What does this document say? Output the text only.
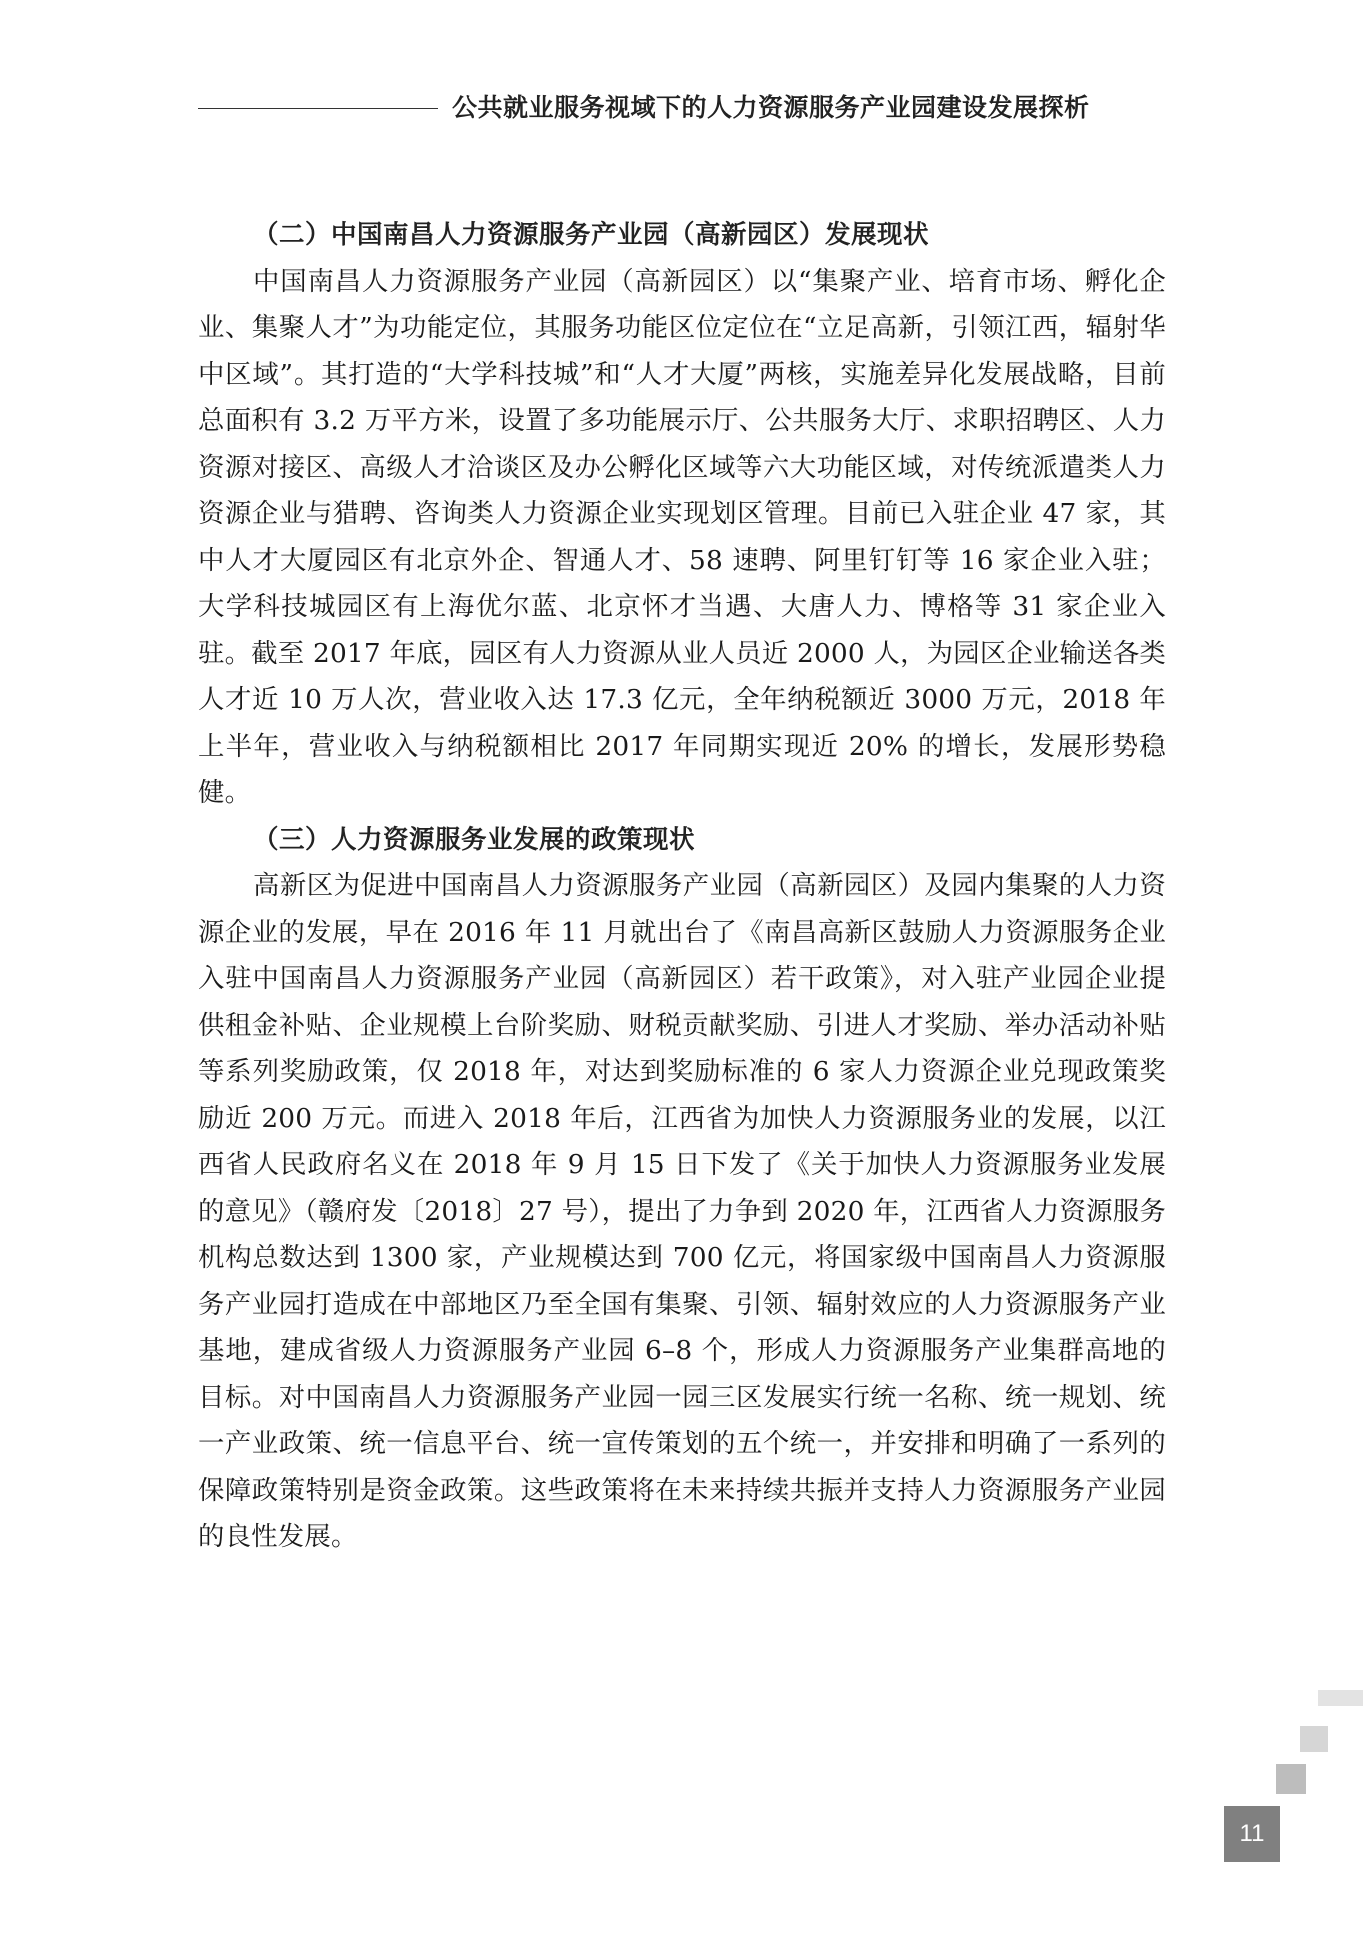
公共就业服务视域下的人力资源服务产业园建设发展探析
（二）中国南昌人力资源服务产业园（高新园区）发展现状

中国南昌人力资源服务产业园（高新园区）以“集聚产业、培育市场、孵化企业、集聚人才”为功能定位，其服务功能区位定位在“立足高新，引领江西，辐射华中区域”。其打造的“大学科技城”和“人才大厦”两核，实施差异化发展战略，目前总面积有 3.2 万平方米，设置了多功能展示厅、公共服务大厅、求职招聘区、人力资源对接区、高级人才洽谈区及办公孵化区域等六大功能区域，对传统派遣类人力资源企业与猎聘、咨询类人力资源企业实现划区管理。目前已入驻企业 47 家，其中人才大厦园区有北京外企、智通人才、58 速聘、阿里钉钉等 16 家企业入驻；大学科技城园区有上海优尔蓝、北京怀才当遇、大唐人力、博格等 31 家企业入驻。截至 2017 年底，园区有人力资源从业人员近 2000 人，为园区企业输送各类人才近 10 万人次，营业收入达 17.3 亿元，全年纳税额近 3000 万元，2018 年上半年，营业收入与纳税额相比 2017 年同期实现近 20% 的增长，发展形势稳健。

（三）人力资源服务业发展的政策现状

高新区为促进中国南昌人力资源服务产业园（高新园区）及园内集聚的人力资源企业的发展，早在 2016 年 11 月就出台了《南昌高新区鼓励人力资源服务企业入驻中国南昌人力资源服务产业园（高新园区）若干政策》，对入驻产业园企业提供租金补贴、企业规模上台阶奖励、财税贡献奖励、引进人才奖励、举办活动补贴等系列奖励政策，仅 2018 年，对达到奖励标准的 6 家人力资源企业兑现政策奖励近 200 万元。而进入 2018 年后，江西省为加快人力资源服务业的发展，以江西省人民政府名义在 2018 年 9 月 15 日下发了《关于加快人力资源服务业发展的意见》（赣府发〔2018〕27 号），提出了力争到 2020 年，江西省人力资源服务机构总数达到 1300 家，产业规模达到 700 亿元，将国家级中国南昌人力资源服务产业园打造成在中部地区乃至全国有集聚、引领、辐射效应的人力资源服务产业基地，建成省级人力资源服务产业园 6–8 个，形成人力资源服务产业集群高地的目标。对中国南昌人力资源服务产业园一园三区发展实行统一名称、统一规划、统一产业政策、统一信息平台、统一宣传策划的五个统一，并安排和明确了一系列的保障政策特别是资金政策。这些政策将在未来持续共振并支持人力资源服务产业园的良性发展。

11
